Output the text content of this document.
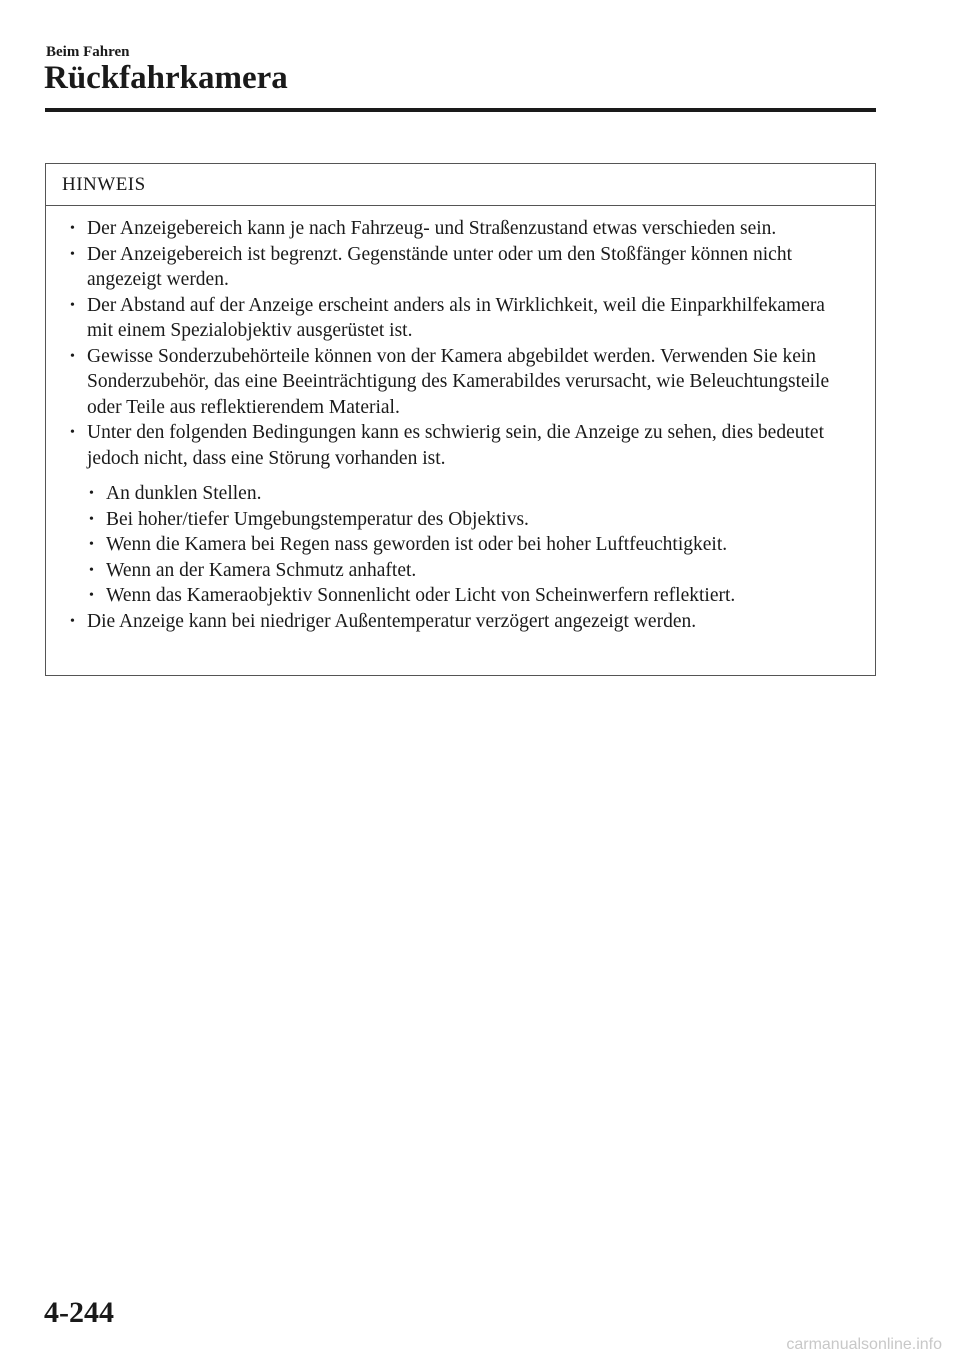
Beim Fahren
Rückfahrkamera
HINWEIS
• Der Anzeigebereich kann je nach Fahrzeug- und Straßenzustand etwas verschieden sein.
• Der Anzeigebereich ist begrenzt. Gegenstände unter oder um den Stoßfänger können nicht angezeigt werden.
• Der Abstand auf der Anzeige erscheint anders als in Wirklichkeit, weil die Einparkhilfekamera mit einem Spezialobjektiv ausgerüstet ist.
• Gewisse Sonderzubehörteile können von der Kamera abgebildet werden. Verwenden Sie kein Sonderzubehör, das eine Beeinträchtigung des Kamerabildes verursacht, wie Beleuchtungsteile oder Teile aus reflektierendem Material.
• Unter den folgenden Bedingungen kann es schwierig sein, die Anzeige zu sehen, dies bedeutet jedoch nicht, dass eine Störung vorhanden ist.
• An dunklen Stellen.
• Bei hoher/tiefer Umgebungstemperatur des Objektivs.
• Wenn die Kamera bei Regen nass geworden ist oder bei hoher Luftfeuchtigkeit.
• Wenn an der Kamera Schmutz anhaftet.
• Wenn das Kameraobjektiv Sonnenlicht oder Licht von Scheinwerfern reflektiert.
• Die Anzeige kann bei niedriger Außentemperatur verzögert angezeigt werden.
4-244
carmanualsonline.info
